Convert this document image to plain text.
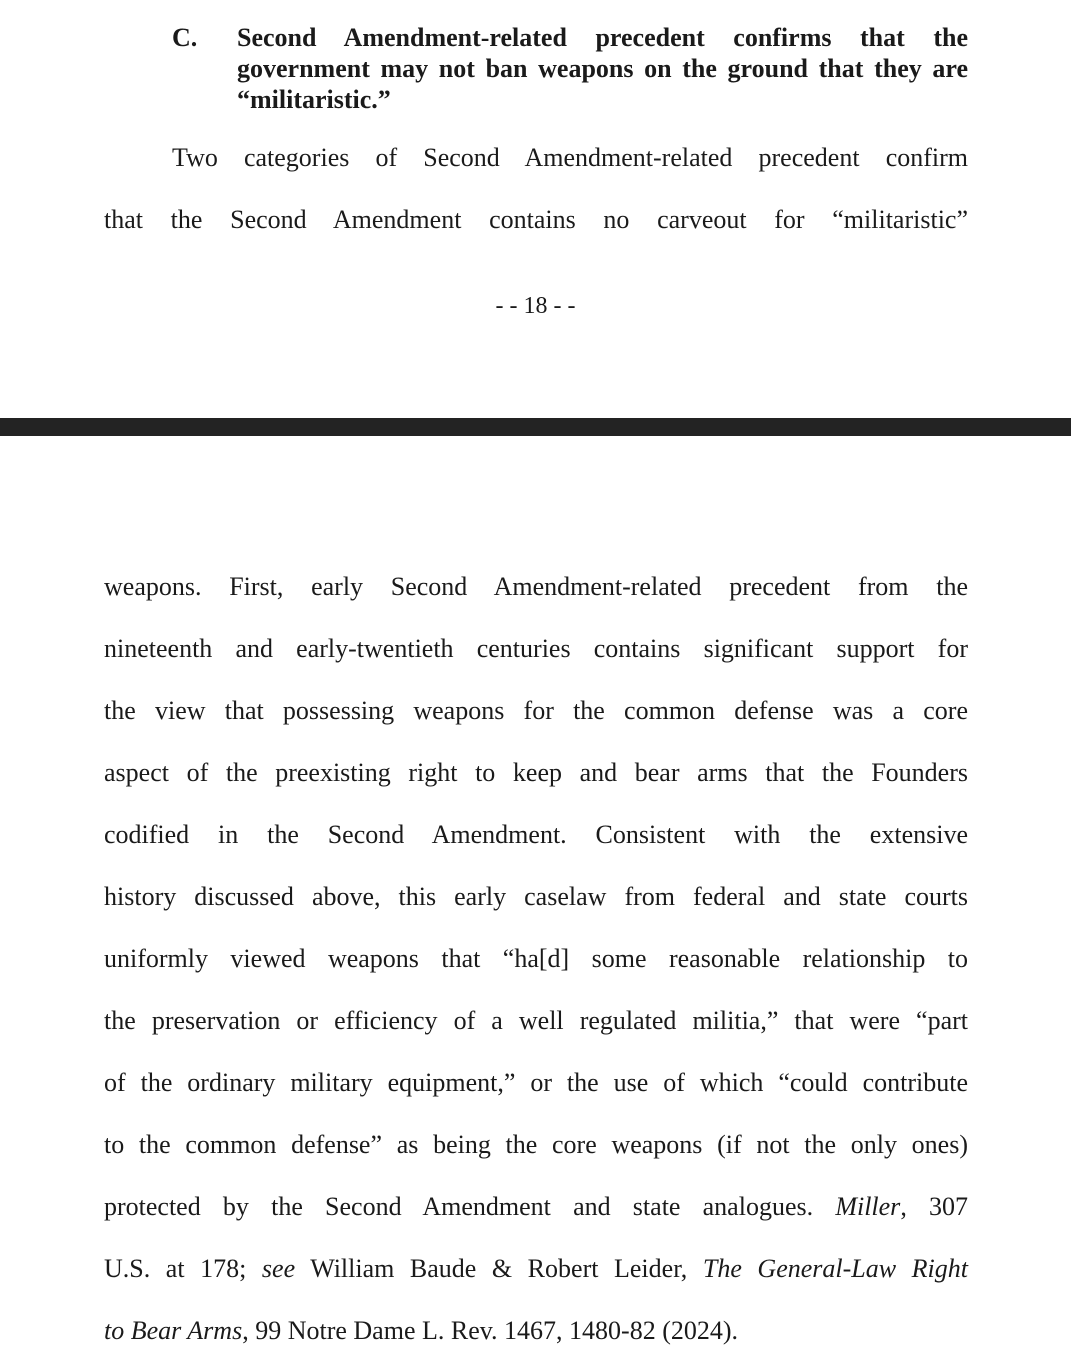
C.	Second Amendment-related precedent confirms that the government may not ban weapons on the ground that they are “militaristic.”
Two categories of Second Amendment-related precedent confirm
that the Second Amendment contains no carveout for “militaristic”
- - 18 - -
weapons. First, early Second Amendment-related precedent from the
nineteenth and early-twentieth centuries contains significant support for
the view that possessing weapons for the common defense was a core
aspect of the preexisting right to keep and bear arms that the Founders
codified in the Second Amendment. Consistent with the extensive
history discussed above, this early caselaw from federal and state courts
uniformly viewed weapons that “ha[d] some reasonable relationship to
the preservation or efficiency of a well regulated militia,” that were “part
of the ordinary military equipment,” or the use of which “could contribute
to the common defense” as being the core weapons (if not the only ones)
protected by the Second Amendment and state analogues. Miller, 307
U.S. at 178; see William Baude & Robert Leider, The General-Law Right
to Bear Arms, 99 Notre Dame L. Rev. 1467, 1480-82 (2024).
